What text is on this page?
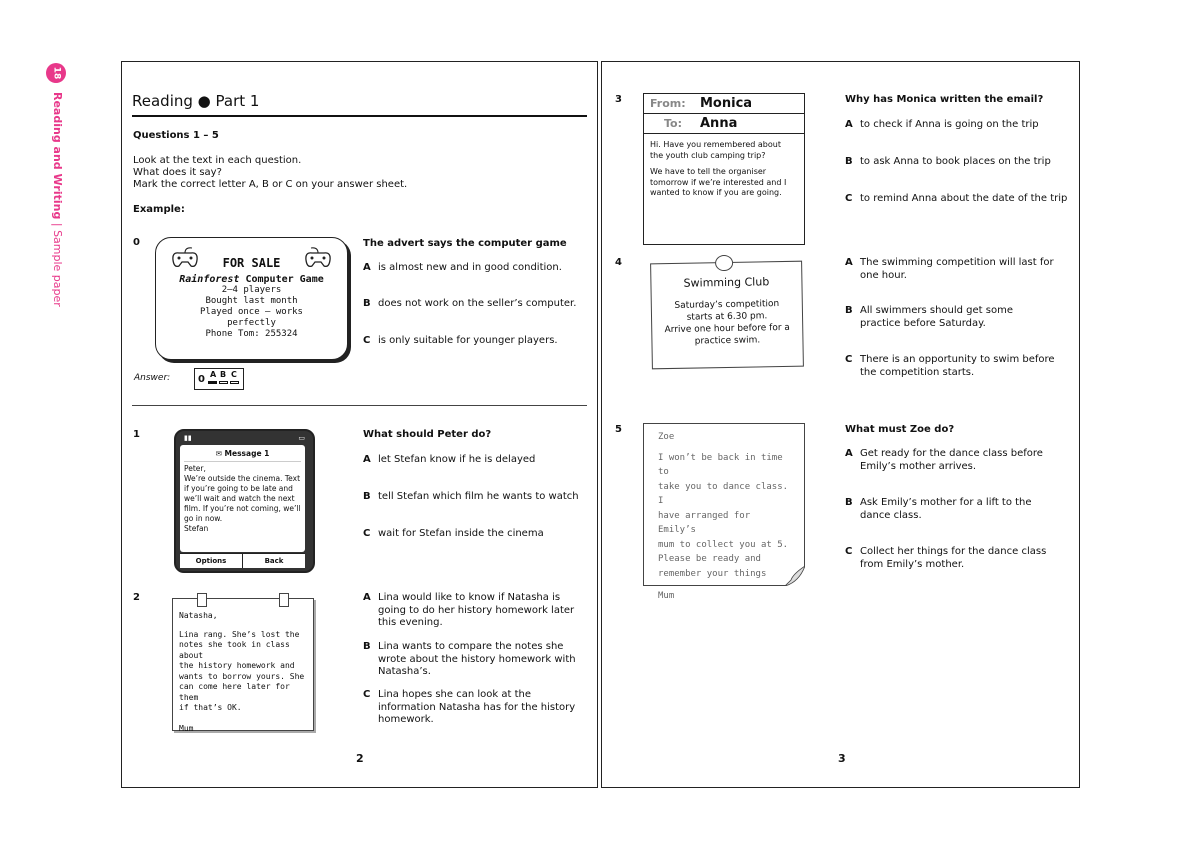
18
Reading and Writing | Sample paper
Reading ● Part 1
Questions 1 – 5
Look at the text in each question.
What does it say?
Mark the correct letter A, B or C on your answer sheet.
Example:
0
FOR SALE
Rainforest Computer Game
2–4 players
Bought last month
Played once – works
perfectly
Phone Tom: 255324
The advert says the computer game
A is almost new and in good condition.
B does not work on the seller’s computer.
C is only suitable for younger players.
Answer:	0 A B C
1	▮▮	▭
✉ Message 1
Peter,
We’re outside the cinema. Text
if you’re going to be late and
we’ll wait and watch the next
film. If you’re not coming, we’ll
go in now.
Stefan
Options	Back
What should Peter do?
A let Stefan know if he is delayed
B tell Stefan which film he wants to watch
C wait for Stefan inside the cinema
2
Natasha,
Lina rang. She’s lost the
notes she took in class about
the history homework and
wants to borrow yours. She
can come here later for them
if that’s OK.
Mum
A Lina would like to know if Natasha is going to do her history homework later this evening.
B Lina wants to compare the notes she wrote about the history homework with Natasha’s.
C Lina hopes she can look at the information Natasha has for the history homework.
2
3	From:	Monica
To:	Anna
Hi. Have you remembered about
the youth club camping trip?
We have to tell the organiser
tomorrow if we’re interested and I
wanted to know if you are going.
Why has Monica written the email?
A to check if Anna is going on the trip
B to ask Anna to book places on the trip
C to remind Anna about the date of the trip
4
Swimming Club
Saturday’s competition
starts at 6.30 pm.
Arrive one hour before for a
practice swim.
A The swimming competition will last for one hour.
B All swimmers should get some practice before Saturday.
C There is an opportunity to swim before the competition starts.
5
Zoe
I won’t be back in time to
take you to dance class. I
have arranged for Emily’s
mum to collect you at 5.
Please be ready and
remember your things
Mum
What must Zoe do?
A Get ready for the dance class before Emily’s mother arrives.
B Ask Emily’s mother for a lift to the dance class.
C Collect her things for the dance class from Emily’s mother.
3
